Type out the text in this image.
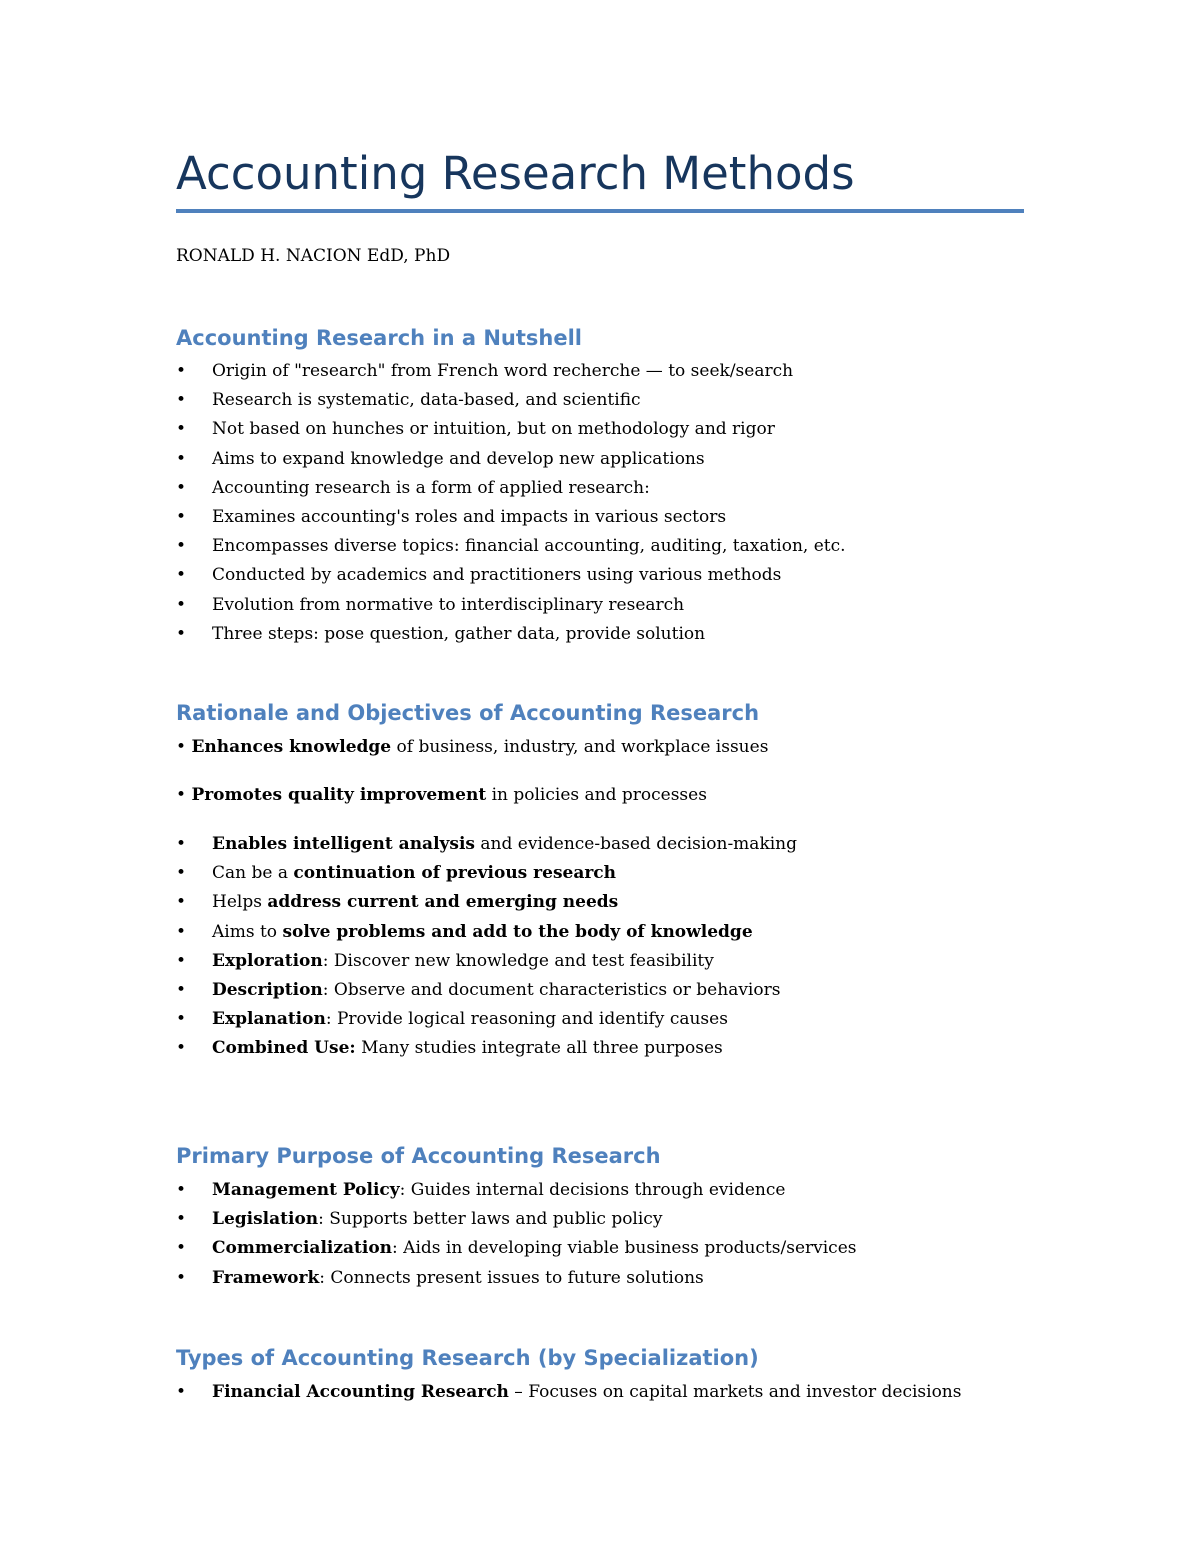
Accounting Research Methods
RONALD H. NACION EdD, PhD
Accounting Research in a Nutshell
• Origin of "research" from French word recherche — to seek/search
• Research is systematic, data-based, and scientific
• Not based on hunches or intuition, but on methodology and rigor
• Aims to expand knowledge and develop new applications
• Accounting research is a form of applied research:
• Examines accounting's roles and impacts in various sectors
• Encompasses diverse topics: financial accounting, auditing, taxation, etc.
• Conducted by academics and practitioners using various methods
• Evolution from normative to interdisciplinary research
• Three steps: pose question, gather data, provide solution
Rationale and Objectives of Accounting Research
• Enhances knowledge of business, industry, and workplace issues
• Promotes quality improvement in policies and processes
• Enables intelligent analysis and evidence-based decision-making
• Can be a continuation of previous research
• Helps address current and emerging needs
• Aims to solve problems and add to the body of knowledge
• Exploration: Discover new knowledge and test feasibility
• Description: Observe and document characteristics or behaviors
• Explanation: Provide logical reasoning and identify causes
• Combined Use: Many studies integrate all three purposes
Primary Purpose of Accounting Research
• Management Policy: Guides internal decisions through evidence
• Legislation: Supports better laws and public policy
• Commercialization: Aids in developing viable business products/services
• Framework: Connects present issues to future solutions
Types of Accounting Research (by Specialization)
• Financial Accounting Research – Focuses on capital markets and investor decisions
